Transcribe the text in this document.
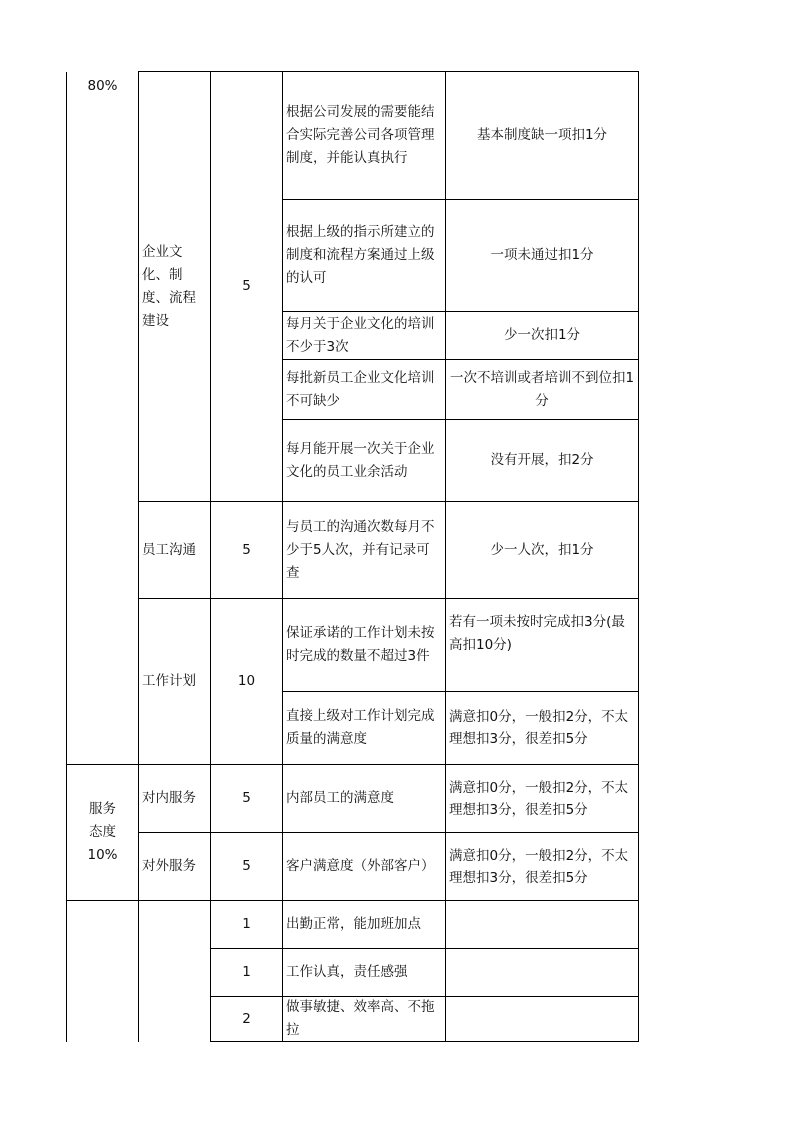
80%
服务
态度
10%
企业文化、制度、流程建设
员工沟通
工作计划
对内服务
对外服务
5
5
10
5
5
1
1
2
根据公司发展的需要能结合实际完善公司各项管理制度，并能认真执行
基本制度缺一项扣1分
根据上级的指示所建立的制度和流程方案通过上级的认可
一项未通过扣1分
每月关于企业文化的培训不少于3次
少一次扣1分
每批新员工企业文化培训不可缺少
一次不培训或者培训不到位扣1分
每月能开展一次关于企业文化的员工业余活动
没有开展，扣2分
与员工的沟通次数每月不少于5人次，并有记录可查
少一人次，扣1分
保证承诺的工作计划未按时完成的数量不超过3件
若有一项未按时完成扣3分(最高扣10分)
直接上级对工作计划完成质量的满意度
满意扣0分，一般扣2分，不太理想扣3分，很差扣5分
内部员工的满意度
满意扣0分，一般扣2分，不太理想扣3分，很差扣5分
客户满意度（外部客户）
满意扣0分，一般扣2分，不太理想扣3分，很差扣5分
出勤正常，能加班加点
工作认真，责任感强
做事敏捷、效率高、不拖拉
